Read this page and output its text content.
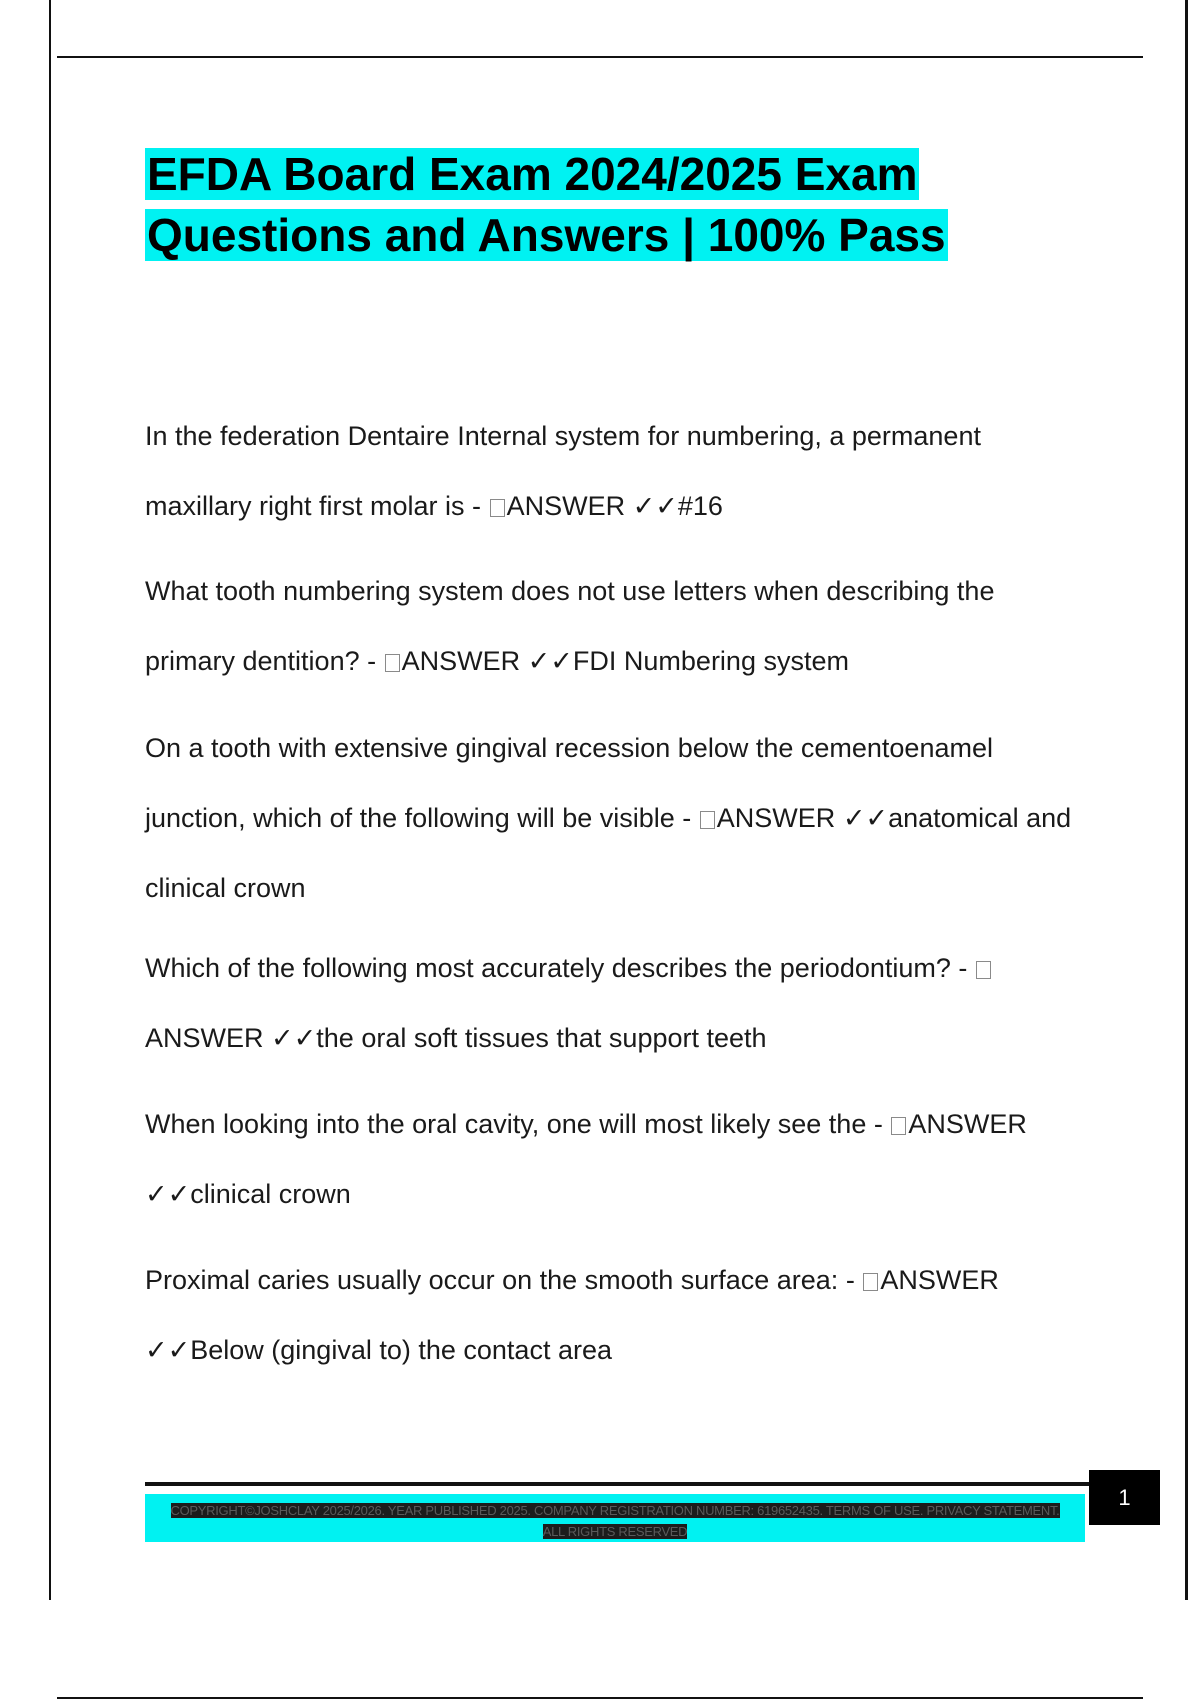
EFDA Board Exam 2024/2025 Exam
Questions and Answers | 100% Pass

In the federation Dentaire Internal system for numbering, a permanent maxillary right first molar is - ANSWER ✓✓#16

What tooth numbering system does not use letters when describing the primary dentition? - ANSWER ✓✓FDI Numbering system

On a tooth with extensive gingival recession below the cementoenamel junction, which of the following will be visible - ANSWER ✓✓anatomical and clinical crown

Which of the following most accurately describes the periodontium? - ANSWER ✓✓the oral soft tissues that support teeth

When looking into the oral cavity, one will most likely see the - ANSWER ✓✓clinical crown

Proximal caries usually occur on the smooth surface area: - ANSWER ✓✓Below (gingival to) the contact area

COPYRIGHT©JOSHCLAY 2025/2026. YEAR PUBLISHED 2025. COMPANY REGISTRATION NUMBER: 619652435. TERMS OF USE. PRIVACY STATEMENT. ALL RIGHTS RESERVED

1
